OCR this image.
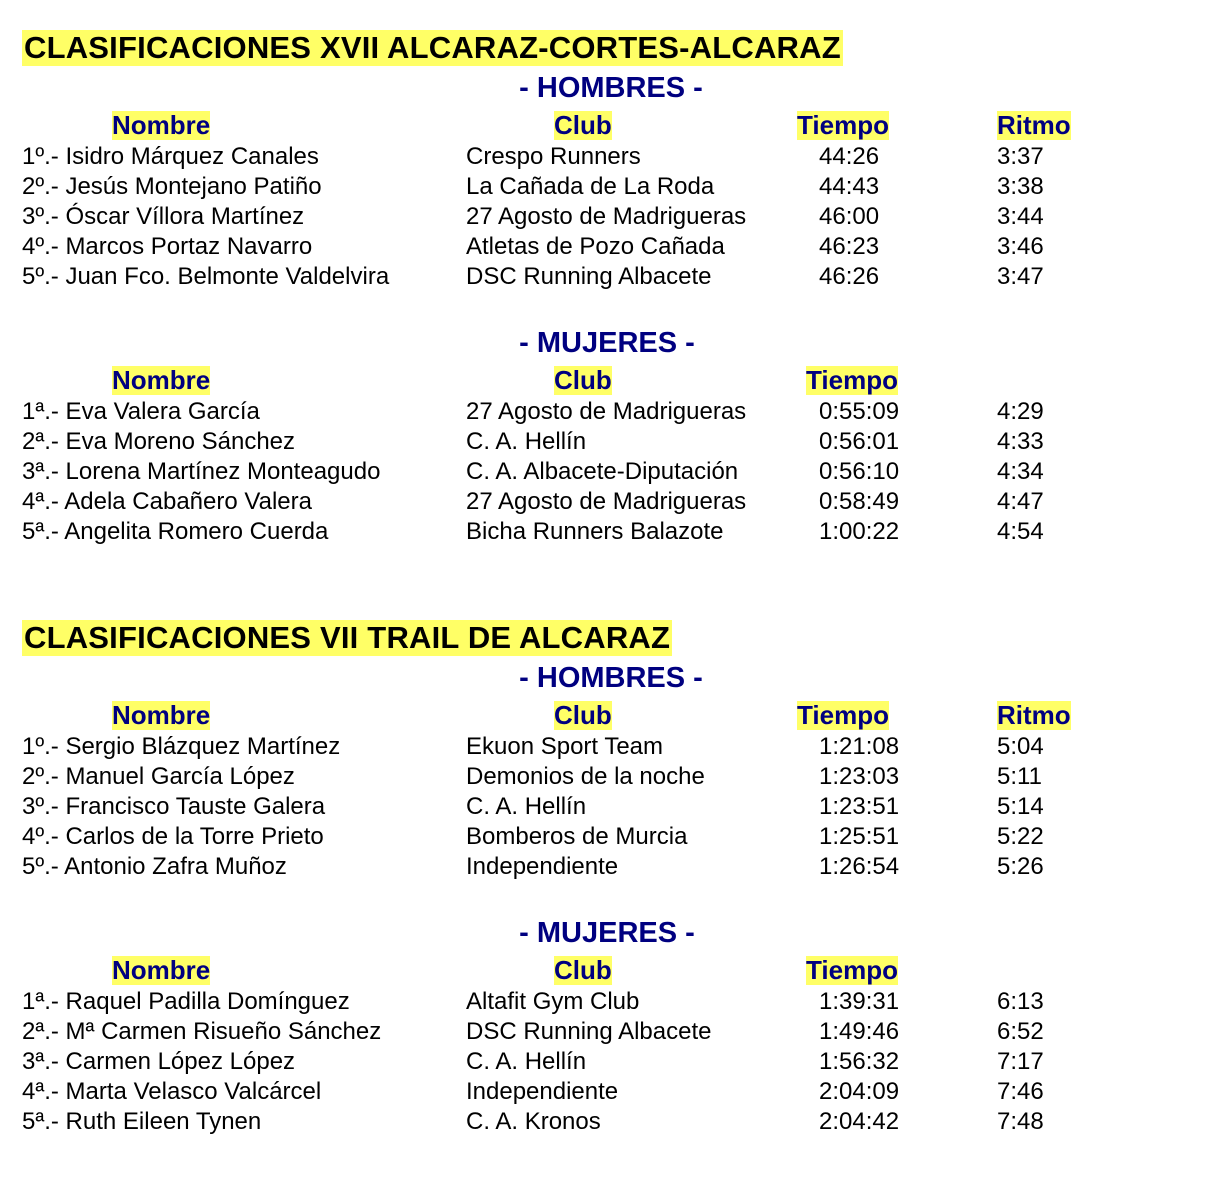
CLASIFICACIONES XVII ALCARAZ-CORTES-ALCARAZ
- HOMBRES -
Nombre	Club	Tiempo	Ritmo
1º.- Isidro Márquez Canales	Crespo Runners	44:26	3:37
2º.- Jesús Montejano Patiño	La Cañada de La Roda	44:43	3:38
3º.- Óscar Víllora Martínez	27 Agosto de Madrigueras	46:00	3:44
4º.- Marcos Portaz Navarro	Atletas de Pozo Cañada	46:23	3:46
5º.- Juan Fco. Belmonte Valdelvira	DSC Running Albacete	46:26	3:47
- MUJERES -
Nombre	Club	Tiempo
1ª.- Eva Valera García	27 Agosto de Madrigueras	0:55:09	4:29
2ª.- Eva Moreno Sánchez	C. A. Hellín	0:56:01	4:33
3ª.- Lorena Martínez Monteagudo	C. A. Albacete-Diputación	0:56:10	4:34
4ª.- Adela Cabañero Valera	27 Agosto de Madrigueras	0:58:49	4:47
5ª.- Angelita Romero Cuerda	Bicha Runners Balazote	1:00:22	4:54
CLASIFICACIONES VII TRAIL DE ALCARAZ
- HOMBRES -
Nombre	Club	Tiempo	Ritmo
1º.- Sergio Blázquez Martínez	Ekuon Sport Team	1:21:08	5:04
2º.- Manuel García López	Demonios de la noche	1:23:03	5:11
3º.- Francisco Tauste Galera	C. A. Hellín	1:23:51	5:14
4º.- Carlos de la Torre Prieto	Bomberos de Murcia	1:25:51	5:22
5º.- Antonio Zafra Muñoz	Independiente	1:26:54	5:26
- MUJERES -
Nombre	Club	Tiempo
1ª.- Raquel Padilla Domínguez	Altafit Gym Club	1:39:31	6:13
2ª.- Mª Carmen Risueño Sánchez	DSC Running Albacete	1:49:46	6:52
3ª.- Carmen López López	C. A. Hellín	1:56:32	7:17
4ª.- Marta Velasco Valcárcel	Independiente	2:04:09	7:46
5ª.- Ruth Eileen Tynen	C. A. Kronos	2:04:42	7:48
